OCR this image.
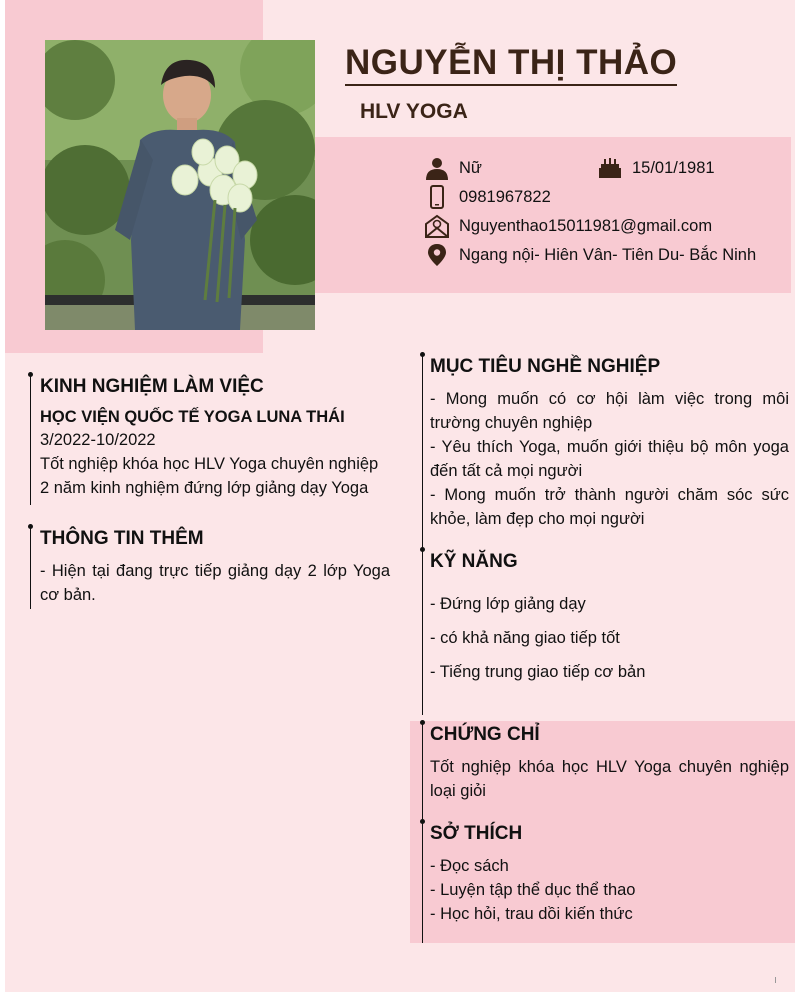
NGUYỄN THỊ THẢO
HLV YOGA
Nữ	15/01/1981
0981967822
Nguyenthao15011981@gmail.com
Ngang nội- Hiên Vân- Tiên Du- Bắc Ninh
KINH NGHIỆM LÀM VIỆC
HỌC VIỆN QUỐC TẾ YOGA LUNA THÁI
3/2022-10/2022
Tốt nghiệp khóa học HLV Yoga chuyên nghiệp
2 năm kinh nghiệm đứng lớp giảng dạy Yoga
THÔNG TIN THÊM
- Hiện tại đang trực tiếp giảng dạy 2 lớp Yoga cơ bản.
MỤC TIÊU NGHỀ NGHIỆP
- Mong muốn có cơ hội làm việc trong môi trường chuyên nghiệp
- Yêu thích Yoga, muốn giới thiệu bộ môn yoga đến tất cả mọi người
- Mong muốn trở thành người chăm sóc sức khỏe, làm đẹp cho mọi người
KỸ NĂNG
- Đứng lớp giảng dạy
- có khả năng giao tiếp tốt
- Tiếng trung giao tiếp cơ bản
CHỨNG CHỈ
Tốt nghiệp khóa học HLV Yoga chuyên nghiệp loại giỏi
SỞ THÍCH
- Đọc sách
- Luyện tập thể dục thể thao
- Học hỏi, trau dồi kiến thức
